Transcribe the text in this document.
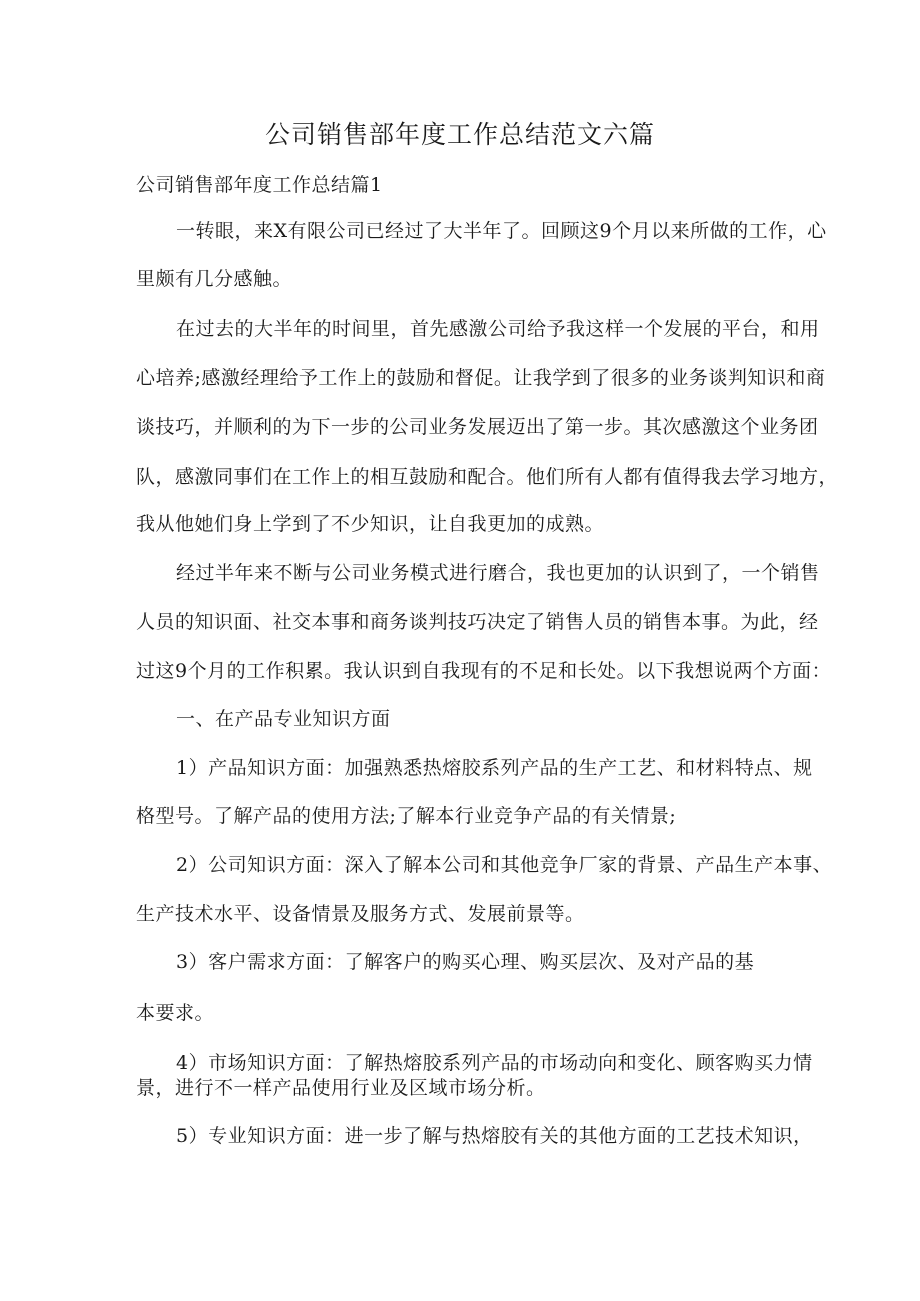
公司销售部年度工作总结范文六篇
公司销售部年度工作总结篇1
一转眼，来X有限公司已经过了大半年了。回顾这9个月以来所做的工作，心
里颇有几分感触。
在过去的大半年的时间里，首先感激公司给予我这样一个发展的平台，和用
心培养;感激经理给予工作上的鼓励和督促。让我学到了很多的业务谈判知识和商
谈技巧，并顺利的为下一步的公司业务发展迈出了第一步。其次感激这个业务团
队，感激同事们在工作上的相互鼓励和配合。他们所有人都有值得我去学习地方，
我从他她们身上学到了不少知识，让自我更加的成熟。
经过半年来不断与公司业务模式进行磨合，我也更加的认识到了，一个销售
人员的知识面、社交本事和商务谈判技巧决定了销售人员的销售本事。为此，经
过这9个月的工作积累。我认识到自我现有的不足和长处。以下我想说两个方面：
一、在产品专业知识方面
1）产品知识方面：加强熟悉热熔胶系列产品的生产工艺、和材料特点、规
格型号。了解产品的使用方法;了解本行业竞争产品的有关情景;
2）公司知识方面：深入了解本公司和其他竞争厂家的背景、产品生产本事、
生产技术水平、设备情景及服务方式、发展前景等。
3）客户需求方面：了解客户的购买心理、购买层次、及对产品的基
本要求。
4）市场知识方面：了解热熔胶系列产品的市场动向和变化、顾客购买力情
景，进行不一样产品使用行业及区域市场分析。
5）专业知识方面：进一步了解与热熔胶有关的其他方面的工艺技术知识，
